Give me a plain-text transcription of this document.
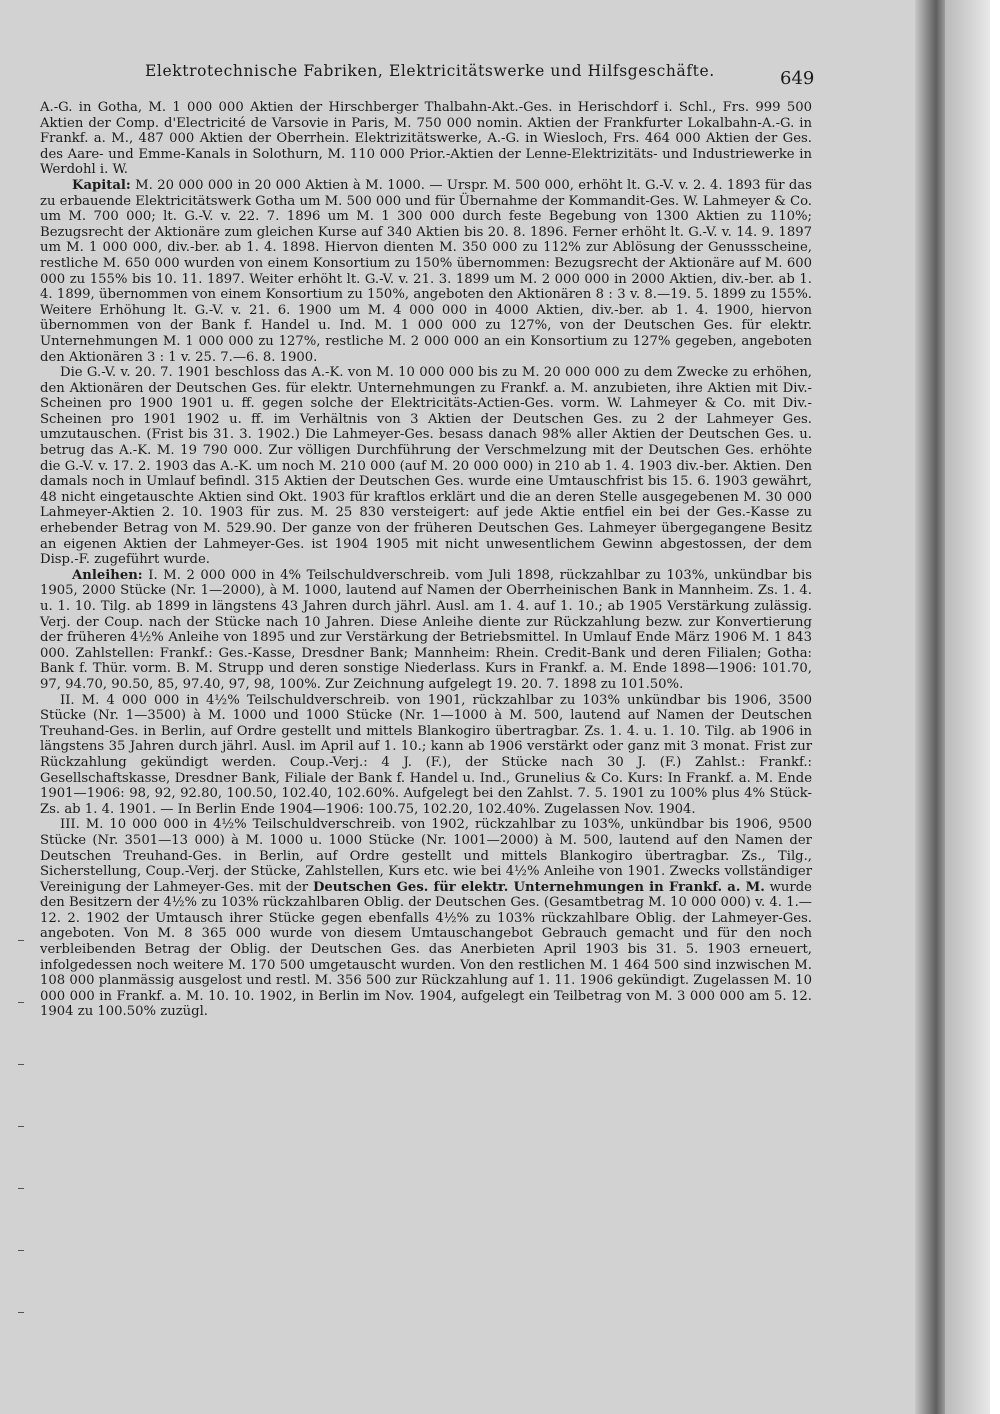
Elektrotechnische Fabriken, Elektricitätswerke und Hilfsgeschäfte.	649

A.-G. in Gotha, M. 1 000 000 Aktien der Hirschberger Thalbahn-Akt.-Ges. in Herischdorf i. Schl., Frs. 999 500 Aktien der Comp. d'Electricité de Varsovie in Paris, M. 750 000 nomin. Aktien der Frankfurter Lokalbahn-A.-G. in Frankf. a. M., 487 000 Aktien der Oberrhein. Elektrizitätswerke, A.-G. in Wiesloch, Frs. 464 000 Aktien der Ges. des Aare- und Emme-Kanals in Solothurn, M. 110 000 Prior.-Aktien der Lenne-Elektrizitäts- und Industriewerke in Werdohl i. W.

Kapital: M. 20 000 000 in 20 000 Aktien à M. 1000. — Urspr. M. 500 000, erhöht lt. G.-V. v. 2. 4. 1893 für das zu erbauende Elektricitätswerk Gotha um M. 500 000 und für Übernahme der Kommandit-Ges. W. Lahmeyer & Co. um M. 700 000; lt. G.-V. v. 22. 7. 1896 um M. 1 300 000 durch feste Begebung von 1300 Aktien zu 110%; Bezugsrecht der Aktionäre zum gleichen Kurse auf 340 Aktien bis 20. 8. 1896. Ferner erhöht lt. G.-V. v. 14. 9. 1897 um M. 1 000 000, div.-ber. ab 1. 4. 1898. Hiervon dienten M. 350 000 zu 112% zur Ablösung der Genussscheine, restliche M. 650 000 wurden von einem Konsortium zu 150% übernommen: Bezugsrecht der Aktionäre auf M. 600 000 zu 155% bis 10. 11. 1897. Weiter erhöht lt. G.-V. v. 21. 3. 1899 um M. 2 000 000 in 2000 Aktien, div.-ber. ab 1. 4. 1899, übernommen von einem Konsortium zu 150%, angeboten den Aktionären 8 : 3 v. 8.—19. 5. 1899 zu 155%. Weitere Erhöhung lt. G.-V. v. 21. 6. 1900 um M. 4 000 000 in 4000 Aktien, div.-ber. ab 1. 4. 1900, hiervon übernommen von der Bank f. Handel u. Ind. M. 1 000 000 zu 127%, von der Deutschen Ges. für elektr. Unternehmungen M. 1 000 000 zu 127%, restliche M. 2 000 000 an ein Konsortium zu 127% gegeben, angeboten den Aktionären 3 : 1 v. 25. 7.—6. 8. 1900.

Die G.-V. v. 20. 7. 1901 beschloss das A.-K. von M. 10 000 000 bis zu M. 20 000 000 zu dem Zwecke zu erhöhen, den Aktionären der Deutschen Ges. für elektr. Unternehmungen zu Frankf. a. M. anzubieten, ihre Aktien mit Div.-Scheinen pro 1900 1901 u. ff. gegen solche der Elektricitäts-Actien-Ges. vorm. W. Lahmeyer & Co. mit Div.-Scheinen pro 1901 1902 u. ff. im Verhältnis von 3 Aktien der Deutschen Ges. zu 2 der Lahmeyer Ges. umzutauschen. (Frist bis 31. 3. 1902.) Die Lahmeyer-Ges. besass danach 98% aller Aktien der Deutschen Ges. u. betrug das A.-K. M. 19 790 000. Zur völligen Durchführung der Verschmelzung mit der Deutschen Ges. erhöhte die G.-V. v. 17. 2. 1903 das A.-K. um noch M. 210 000 (auf M. 20 000 000) in 210 ab 1. 4. 1903 div.-ber. Aktien. Den damals noch in Umlauf befindl. 315 Aktien der Deutschen Ges. wurde eine Umtauschfrist bis 15. 6. 1903 gewährt, 48 nicht eingetauschte Aktien sind Okt. 1903 für kraftlos erklärt und die an deren Stelle ausgegebenen M. 30 000 Lahmeyer-Aktien 2. 10. 1903 für zus. M. 25 830 versteigert: auf jede Aktie entfiel ein bei der Ges.-Kasse zu erhebender Betrag von M. 529.90. Der ganze von der früheren Deutschen Ges. Lahmeyer übergegangene Besitz an eigenen Aktien der Lahmeyer-Ges. ist 1904 1905 mit nicht unwesentlichem Gewinn abgestossen, der dem Disp.-F. zugeführt wurde.

Anleihen: I. M. 2 000 000 in 4% Teilschuldverschreib. vom Juli 1898, rückzahlbar zu 103%, unkündbar bis 1905, 2000 Stücke (Nr. 1—2000), à M. 1000, lautend auf Namen der Oberrheinischen Bank in Mannheim. Zs. 1. 4. u. 1. 10. Tilg. ab 1899 in längstens 43 Jahren durch jährl. Ausl. am 1. 4. auf 1. 10.; ab 1905 Verstärkung zulässig. Verj. der Coup. nach der Stücke nach 10 Jahren. Diese Anleihe diente zur Rückzahlung bezw. zur Konvertierung der früheren 4½% Anleihe von 1895 und zur Verstärkung der Betriebsmittel. In Umlauf Ende März 1906 M. 1 843 000. Zahlstellen: Frankf.: Ges.-Kasse, Dresdner Bank; Mannheim: Rhein. Credit-Bank und deren Filialen; Gotha: Bank f. Thür. vorm. B. M. Strupp und deren sonstige Niederlass. Kurs in Frankf. a. M. Ende 1898—1906: 101.70, 97, 94.70, 90.50, 85, 97.40, 97, 98, 100%. Zur Zeichnung aufgelegt 19. 20. 7. 1898 zu 101.50%.

II. M. 4 000 000 in 4½% Teilschuldverschreib. von 1901, rückzahlbar zu 103% unkündbar bis 1906, 3500 Stücke (Nr. 1—3500) à M. 1000 und 1000 Stücke (Nr. 1—1000 à M. 500, lautend auf Namen der Deutschen Treuhand-Ges. in Berlin, auf Ordre gestellt und mittels Blankogiro übertragbar. Zs. 1. 4. u. 1. 10. Tilg. ab 1906 in längstens 35 Jahren durch jährl. Ausl. im April auf 1. 10.; kann ab 1906 verstärkt oder ganz mit 3 monat. Frist zur Rückzahlung gekündigt werden. Coup.-Verj.: 4 J. (F.), der Stücke nach 30 J. (F.) Zahlst.: Frankf.: Gesellschaftskasse, Dresdner Bank, Filiale der Bank f. Handel u. Ind., Grunelius & Co. Kurs: In Frankf. a. M. Ende 1901—1906: 98, 92, 92.80, 100.50, 102.40, 102.60%. Aufgelegt bei den Zahlst. 7. 5. 1901 zu 100% plus 4% Stück-Zs. ab 1. 4. 1901. — In Berlin Ende 1904—1906: 100.75, 102.20, 102.40%. Zugelassen Nov. 1904.

III. M. 10 000 000 in 4½% Teilschuldverschreib. von 1902, rückzahlbar zu 103%, unkündbar bis 1906, 9500 Stücke (Nr. 3501—13 000) à M. 1000 u. 1000 Stücke (Nr. 1001—2000) à M. 500, lautend auf den Namen der Deutschen Treuhand-Ges. in Berlin, auf Ordre gestellt und mittels Blankogiro übertragbar. Zs., Tilg., Sicherstellung, Coup.-Verj. der Stücke, Zahlstellen, Kurs etc. wie bei 4½% Anleihe von 1901. Zwecks vollständiger Vereinigung der Lahmeyer-Ges. mit der Deutschen Ges. für elektr. Unternehmungen in Frankf. a. M. wurde den Besitzern der 4½% zu 103% rückzahlbaren Oblig. der Deutschen Ges. (Gesamtbetrag M. 10 000 000) v. 4. 1.—12. 2. 1902 der Umtausch ihrer Stücke gegen ebenfalls 4½% zu 103% rückzahlbare Oblig. der Lahmeyer-Ges. angeboten. Von M. 8 365 000 wurde von diesem Umtauschangebot Gebrauch gemacht und für den noch verbleibenden Betrag der Oblig. der Deutschen Ges. das Anerbieten April 1903 bis 31. 5. 1903 erneuert, infolgedessen noch weitere M. 170 500 umgetauscht wurden. Von den restlichen M. 1 464 500 sind inzwischen M. 108 000 planmässig ausgelost und restl. M. 356 500 zur Rückzahlung auf 1. 11. 1906 gekündigt. Zugelassen M. 10 000 000 in Frankf. a. M. 10. 10. 1902, in Berlin im Nov. 1904, aufgelegt ein Teilbetrag von M. 3 000 000 am 5. 12. 1904 zu 100.50% zuzügl.
